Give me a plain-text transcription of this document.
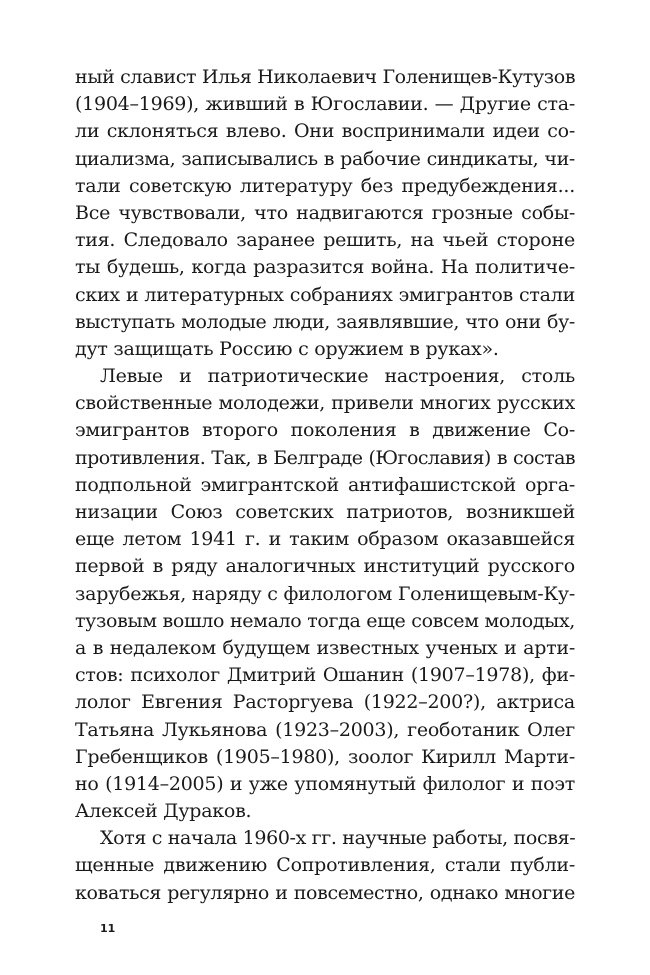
ный славист Илья Николаевич Голенищев-Кутузов
(1904–1969), живший в Югославии. — Другие ста-
ли склоняться влево. Они воспринимали идеи со-
циализма, записывались в рабочие синдикаты, чи-
тали советскую литературу без предубеждения...
Все чувствовали, что надвигаются грозные собы-
тия. Следовало заранее решить, на чьей стороне
ты будешь, когда разразится война. На политиче-
ских и литературных собраниях эмигрантов стали
выступать молодые люди, заявлявшие, что они бу-
дут защищать Россию с оружием в руках».
Левые и патриотические настроения, столь
свойственные молодежи, привели многих русских
эмигрантов второго поколения в движение Со-
противления. Так, в Белграде (Югославия) в состав
подпольной эмигрантской антифашистской орга-
низации Союз советских патриотов, возникшей
еще летом 1941 г. и таким образом оказавшейся
первой в ряду аналогичных институций русского
зарубежья, наряду с филологом Голенищевым-Ку-
тузовым вошло немало тогда еще совсем молодых,
а в недалеком будущем известных ученых и арти-
стов: психолог Дмитрий Ошанин (1907–1978), фи-
лолог Евгения Расторгуева (1922–200?), актриса
Татьяна Лукьянова (1923–2003), геоботаник Олег
Гребенщиков (1905–1980), зоолог Кирилл Марти-
но (1914–2005) и уже упомянутый филолог и поэт
Алексей Дураков.
Хотя с начала 1960-х гг. научные работы, посвя-
щенные движению Сопротивления, стали публи-
коваться регулярно и повсеместно, однако многие
11
